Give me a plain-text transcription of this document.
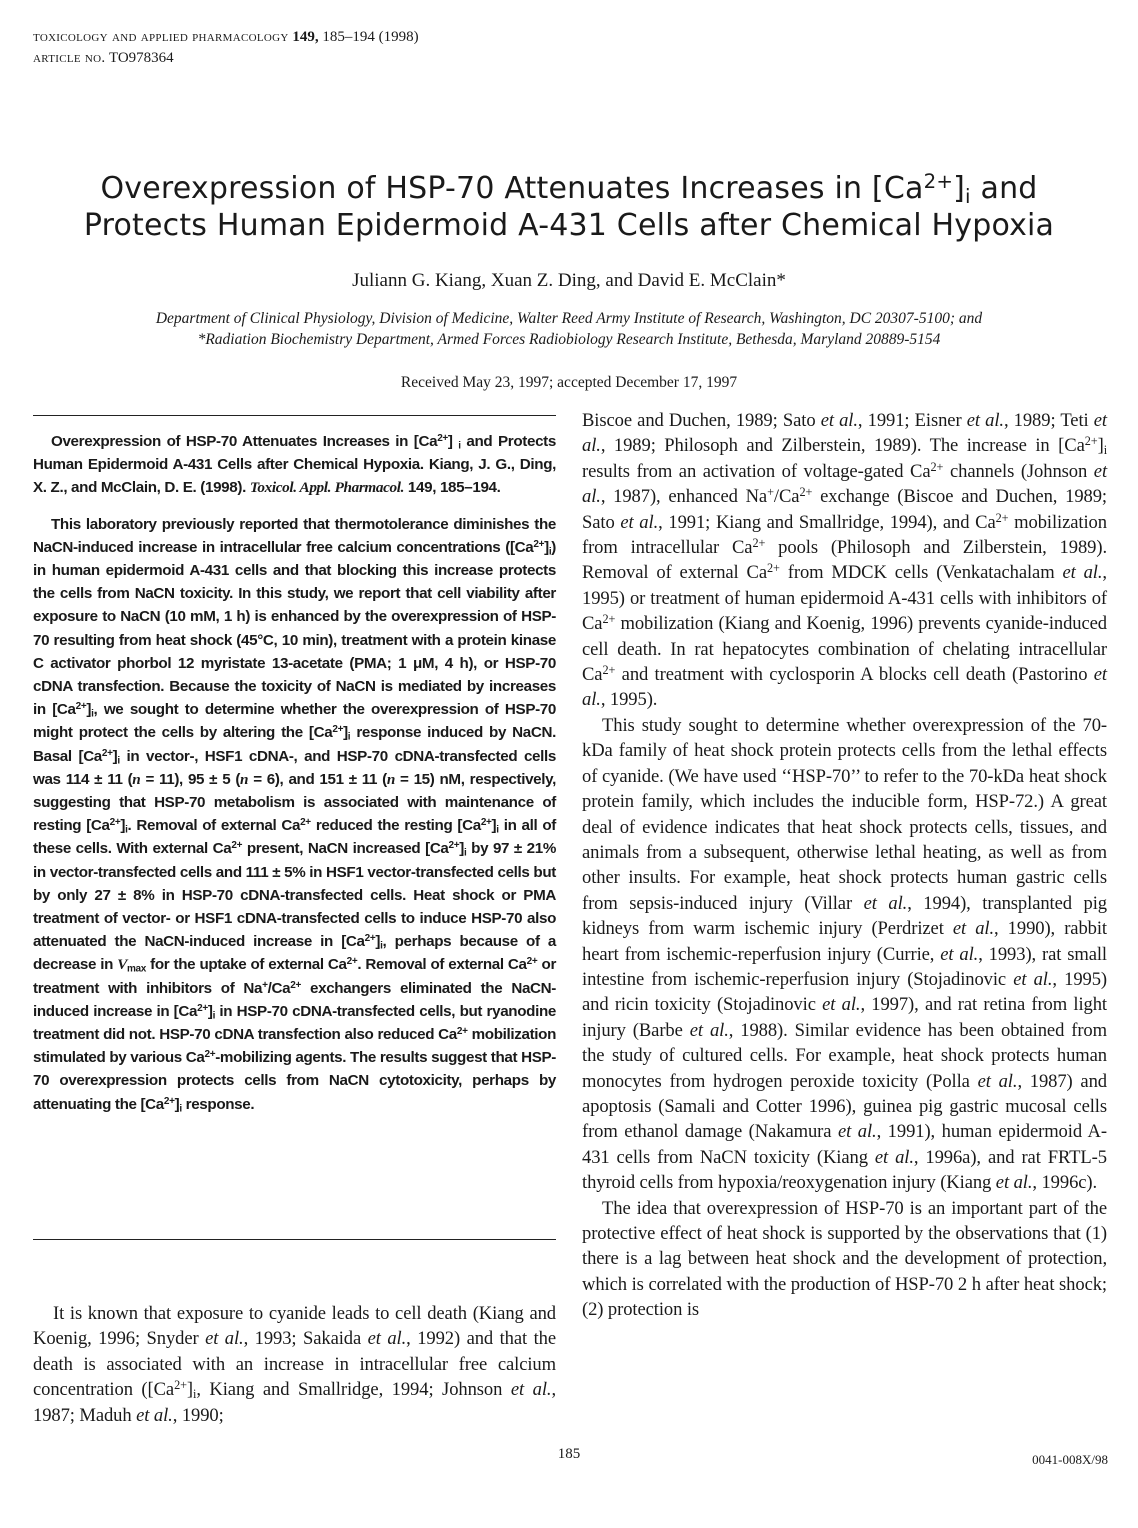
toxicology and applied pharmacology 149, 185–194 (1998)
article no. TO978364
Overexpression of HSP-70 Attenuates Increases in $[Ca^{2+}]_i$ and
Protects Human Epidermoid A-431 Cells after Chemical Hypoxia
Juliann G. Kiang, Xuan Z. Ding, and David E. McClain*
Department of Clinical Physiology, Division of Medicine, Walter Reed Army Institute of Research, Washington, DC 20307-5100; and
*Radiation Biochemistry Department, Armed Forces Radiobiology Research Institute, Bethesda, Maryland 20889-5154
Received May 23, 1997; accepted December 17, 1997

Overexpression of HSP-70 Attenuates Increases in $[Ca^{2+}]$ $_i$ and Protects Human Epidermoid A-431 Cells after Chemical Hypoxia. Kiang, J. G., Ding, X. Z., and McClain, D. E. (1998). Toxicol. Appl. Pharmacol. 149, 185–194.

This laboratory previously reported that thermotolerance diminishes the NaCN-induced increase in intracellular free calcium concentrations $([Ca^{2+}]_i)$ in human epidermoid A-431 cells and that blocking this increase protects the cells from NaCN toxicity. In this study, we report that cell viability after exposure to NaCN (10 mM, 1 h) is enhanced by the overexpression of HSP-70 resulting from heat shock (45°C, 10 min), treatment with a protein kinase C activator phorbol 12 myristate 13-acetate (PMA; 1 μM, 4 h), or HSP-70 cDNA transfection. Because the toxicity of NaCN is mediated by increases in $[Ca^{2+}]_i$, we sought to determine whether the overexpression of HSP-70 might protect the cells by altering the $[Ca^{2+}]_i$ response induced by NaCN. Basal $[Ca^{2+}]_i$ in vector-, HSF1 cDNA-, and HSP-70 cDNA-transfected cells was 114 ± 11 (n = 11), 95 ± 5 (n = 6), and 151 ± 11 (n = 15) nM, respectively, suggesting that HSP-70 metabolism is associated with maintenance of resting $[Ca^{2+}]_i$. Removal of external $Ca^{2+}$ reduced the resting $[Ca^{2+}]_i$ in all of these cells. With external $Ca^{2+}$ present, NaCN increased $[Ca^{2+}]_i$ by 97 ± 21% in vector-transfected cells and 111 ± 5% in HSF1 vector-transfected cells but by only 27 ± 8% in HSP-70 cDNA-transfected cells. Heat shock or PMA treatment of vector- or HSF1 cDNA-transfected cells to induce HSP-70 also attenuated the NaCN-induced increase in $[Ca^{2+}]_i$, perhaps because of a decrease in $V_{max}$ for the uptake of external $Ca^{2+}$. Removal of external $Ca^{2+}$ or treatment with inhibitors of $Na^+/Ca^{2+}$ exchangers eliminated the NaCN-induced increase in $[Ca^{2+}]_i$ in HSP-70 cDNA-transfected cells, but ryanodine treatment did not. HSP-70 cDNA transfection also reduced $Ca^{2+}$ mobilization stimulated by various $Ca^{2+}$-mobilizing agents. The results suggest that HSP-70 overexpression protects cells from NaCN cytotoxicity, perhaps by attenuating the $[Ca^{2+}]_i$ response.

It is known that exposure to cyanide leads to cell death (Kiang and Koenig, 1996; Snyder et al., 1993; Sakaida et al., 1992) and that the death is associated with an increase in intracellular free calcium concentration ($[Ca^{2+}]_i$, Kiang and Smallridge, 1994; Johnson et al., 1987; Maduh et al., 1990;

Biscoe and Duchen, 1989; Sato et al., 1991; Eisner et al., 1989; Teti et al., 1989; Philosoph and Zilberstein, 1989). The increase in $[Ca^{2+}]_i$ results from an activation of voltage-gated $Ca^{2+}$ channels (Johnson et al., 1987), enhanced $Na^+/Ca^{2+}$ exchange (Biscoe and Duchen, 1989; Sato et al., 1991; Kiang and Smallridge, 1994), and $Ca^{2+}$ mobilization from intracellular $Ca^{2+}$ pools (Philosoph and Zilberstein, 1989). Removal of external $Ca^{2+}$ from MDCK cells (Venkatachalam et al., 1995) or treatment of human epidermoid A-431 cells with inhibitors of $Ca^{2+}$ mobilization (Kiang and Koenig, 1996) prevents cyanide-induced cell death. In rat hepatocytes combination of chelating intracellular $Ca^{2+}$ and treatment with cyclosporin A blocks cell death (Pastorino et al., 1995).

This study sought to determine whether overexpression of the 70-kDa family of heat shock protein protects cells from the lethal effects of cyanide. (We have used ‘‘HSP-70’’ to refer to the 70-kDa heat shock protein family, which includes the inducible form, HSP-72.) A great deal of evidence indicates that heat shock protects cells, tissues, and animals from a subsequent, otherwise lethal heating, as well as from other insults. For example, heat shock protects human gastric cells from sepsis-induced injury (Villar et al., 1994), transplanted pig kidneys from warm ischemic injury (Perdrizet et al., 1990), rabbit heart from ischemic-reperfusion injury (Currie, et al., 1993), rat small intestine from ischemic-reperfusion injury (Stojadinovic et al., 1995) and ricin toxicity (Stojadinovic et al., 1997), and rat retina from light injury (Barbe et al., 1988). Similar evidence has been obtained from the study of cultured cells. For example, heat shock protects human monocytes from hydrogen peroxide toxicity (Polla et al., 1987) and apoptosis (Samali and Cotter 1996), guinea pig gastric mucosal cells from ethanol damage (Nakamura et al., 1991), human epidermoid A-431 cells from NaCN toxicity (Kiang et al., 1996a), and rat FRTL-5 thyroid cells from hypoxia/reoxygenation injury (Kiang et al., 1996c).

The idea that overexpression of HSP-70 is an important part of the protective effect of heat shock is supported by the observations that (1) there is a lag between heat shock and the development of protection, which is correlated with the production of HSP-70 2 h after heat shock; (2) protection is

185	0041-008X/98
